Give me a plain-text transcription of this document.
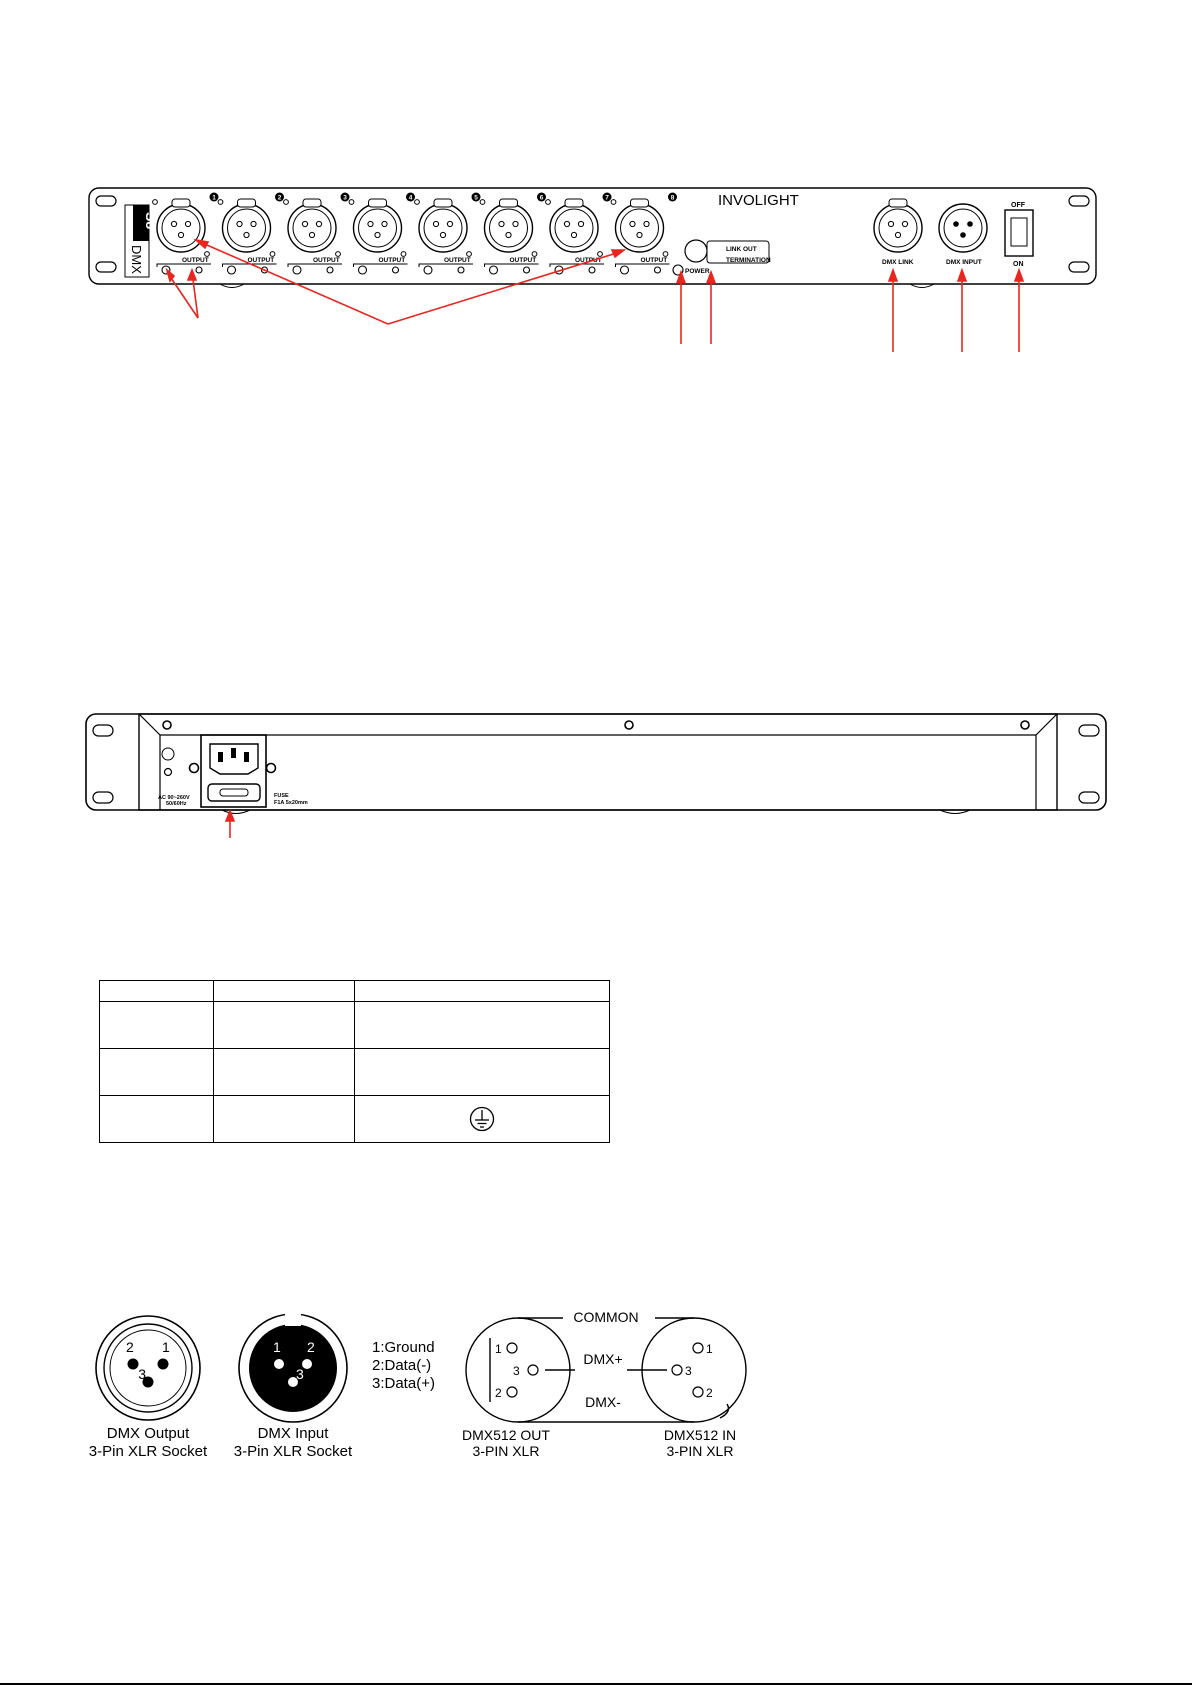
S8
DMX
1
OUTPUT
2
OUTPUT
3
OUTPUT
4
OUTPUT
5
OUTPUT
6
OUTPUT
7
OUTPUT
8
OUTPUT
INVOLIGHT
LINK OUT
TERMINATION
POWER
DMX LINK	DMX INPUT
OFF
ON
AC 90~260V
50/60Hz
FUSE
F1A 5x20mm

2 1
3
DMX Output
3-Pin XLR Socket
1 2
3
DMX Input
3-Pin XLR Socket
1:Ground
2:Data(-)
3:Data(+)
COMMON
DMX+
DMX-
1
3
2
1
3
2
DMX512 OUT
3-PIN XLR
DMX512 IN
3-PIN XLR
